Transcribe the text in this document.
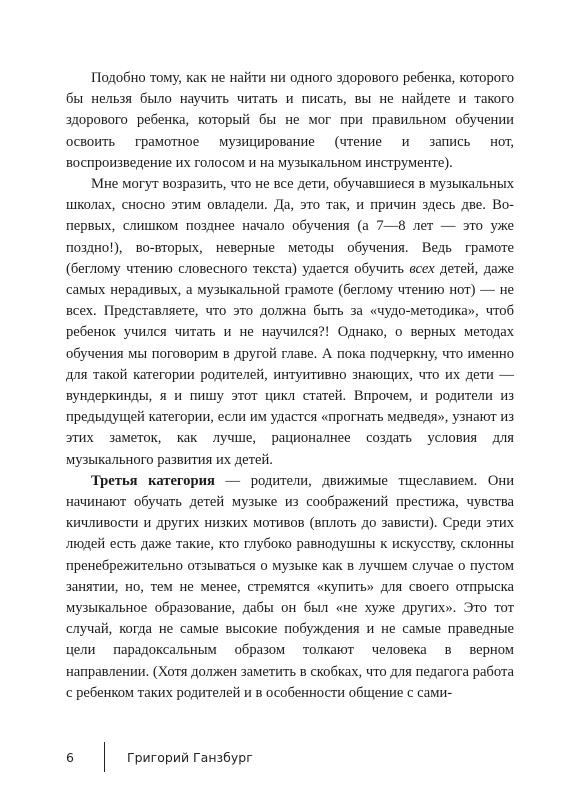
Подобно тому, как не найти ни одного здорового ребенка, которого бы нельзя было научить читать и писать, вы не найдете и такого здорового ребенка, который бы не мог при правильном обучении освоить грамотное музицирование (чтение и запись нот, воспроизведение их голосом и на музыкальном инструменте).

Мне могут возразить, что не все дети, обучавшиеся в музыкальных школах, сносно этим овладели. Да, это так, и причин здесь две. Во-первых, слишком позднее начало обучения (а 7—8 лет — это уже поздно!), во-вторых, неверные методы обучения. Ведь грамоте (беглому чтению словесного текста) удается обучить всех детей, даже самых нерадивых, а музыкальной грамоте (беглому чтению нот) — не всех. Представляете, что это должна быть за «чудо-методика», чтоб ребенок учился читать и не научился?! Однако, о верных методах обучения мы поговорим в другой главе. А пока подчеркну, что именно для такой категории родителей, интуитивно знающих, что их дети — вундеркинды, я и пишу этот цикл статей. Впрочем, и родители из предыдущей категории, если им удастся «прогнать медведя», узнают из этих заметок, как лучше, рационалнее создать условия для музыкального развития их детей.

Третья категория — родители, движимые тщеславием. Они начинают обучать детей музыке из соображений престижа, чувства кичливости и других низких мотивов (вплоть до зависти). Среди этих людей есть даже такие, кто глубоко равнодушны к искусству, склонны пренебрежительно отзываться о музыке как в лучшем случае о пустом занятии, но, тем не менее, стремятся «купить» для своего отпрыска музыкальное образование, дабы он был «не хуже других». Это тот случай, когда не самые высокие побуждения и не самые праведные цели парадоксальным образом толкают человека в верном направлении. (Хотя должен заметить в скобках, что для педагога работа с ребенком таких родителей и в особенности общение с сами-

6	Григорий Ганзбург
